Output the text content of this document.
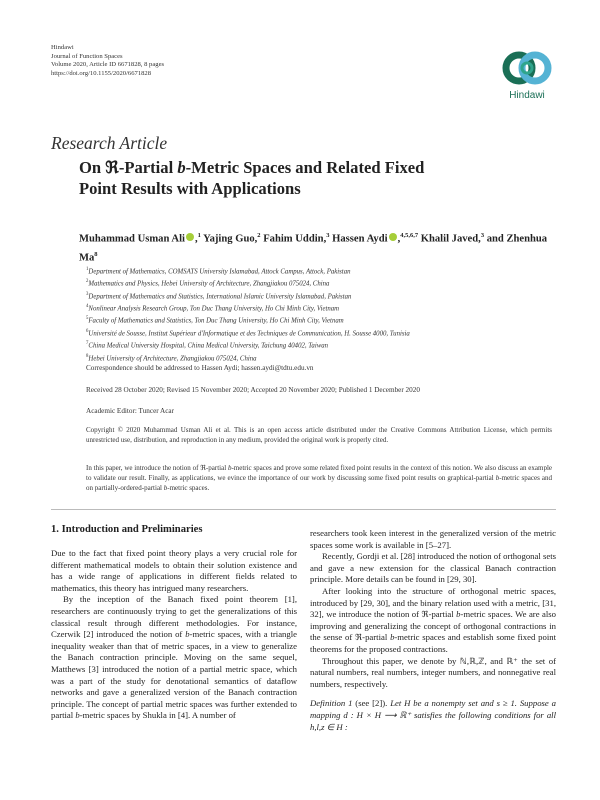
Hindawi
Journal of Function Spaces
Volume 2020, Article ID 6671828, 8 pages
https://doi.org/10.1155/2020/6671828
Hindawi
Research Article
On ℜ-Partial b-Metric Spaces and Related Fixed Point Results with Applications
Muhammad Usman Ali ,$^1$ Yajing Guo,$^2$ Fahim Uddin,$^3$ Hassen Aydi ,$^{4,5,6,7}$ Khalil Javed,$^3$ and Zhenhua Ma$^8$
$^1$Department of Mathematics, COMSATS University Islamabad, Attock Campus, Attock, Pakistan
$^2$Mathematics and Physics, Hebei University of Architecture, Zhangjiakou 075024, China
$^3$Department of Mathematics and Statistics, International Islamic University Islamabad, Pakistan
$^4$Nonlinear Analysis Research Group, Ton Duc Thang University, Ho Chi Minh City, Vietnam
$^5$Faculty of Mathematics and Statistics, Ton Duc Thang University, Ho Chi Minh City, Vietnam
$^6$Université de Sousse, Institut Supérieur d'Informatique et des Techniques de Communication, H. Sousse 4000, Tunisia
$^7$China Medical University Hospital, China Medical University, Taichung 40402, Taiwan
$^8$Hebei University of Architecture, Zhangjiakou 075024, China
Correspondence should be addressed to Hassen Aydi; hassen.aydi@tdtu.edu.vn
Received 28 October 2020; Revised 15 November 2020; Accepted 20 November 2020; Published 1 December 2020
Academic Editor: Tuncer Acar
Copyright © 2020 Muhammad Usman Ali et al. This is an open access article distributed under the Creative Commons Attribution License, which permits unrestricted use, distribution, and reproduction in any medium, provided the original work is properly cited.
In this paper, we introduce the notion of ℜ-partial b-metric spaces and prove some related fixed point results in the context of this notion. We also discuss an example to validate our result. Finally, as applications, we evince the importance of our work by discussing some fixed point results on graphical-partial b-metric spaces and on partially-ordered-partial b-metric spaces.
1. Introduction and Preliminaries

Due to the fact that fixed point theory plays a very crucial role for different mathematical models to obtain their solution existence and has a wide range of applications in different fields related to mathematics, this theory has intrigued many researchers.

By the inception of the Banach fixed point theorem [1], researchers are continuously trying to get the generalizations of this classical result through different methodologies. For instance, Czerwik [2] introduced the notion of b-metric spaces, with a triangle inequality weaker than that of metric spaces, in a view to generalize the Banach contraction principle. Moving on the same sequel, Matthews [3] introduced the notion of a partial metric space, which was a part of the study for denotational semantics of dataflow networks and gave a generalized version of the Banach contraction principle. The concept of partial metric spaces was further extended to partial b-metric spaces by Shukla in [4]. A number of

researchers took keen interest in the generalized version of the metric spaces some work is available in [5–27].

Recently, Gordji et al. [28] introduced the notion of orthogonal sets and gave a new extension for the classical Banach contraction principle. More details can be found in [29, 30].

After looking into the structure of orthogonal metric spaces, introduced by [29, 30], and the binary relation used with a metric, [31, 32], we introduce the notion of ℜ-partial b-metric spaces. We are also improving and generalizing the concept of orthogonal contractions in the sense of ℜ-partial b-metric spaces and establish some fixed point theorems for the proposed contractions.

Throughout this paper, we denote by ℕ,ℝ,ℤ, and ℝ⁺ the set of natural numbers, real numbers, integer numbers, and nonnegative real numbers, respectively.

Definition 1 (see [2]). Let H be a nonempty set and s ≥ 1. Suppose a mapping d : H × H ⟶ ℝ⁺ satisfies the following conditions for all h,l,z ∈ H :
